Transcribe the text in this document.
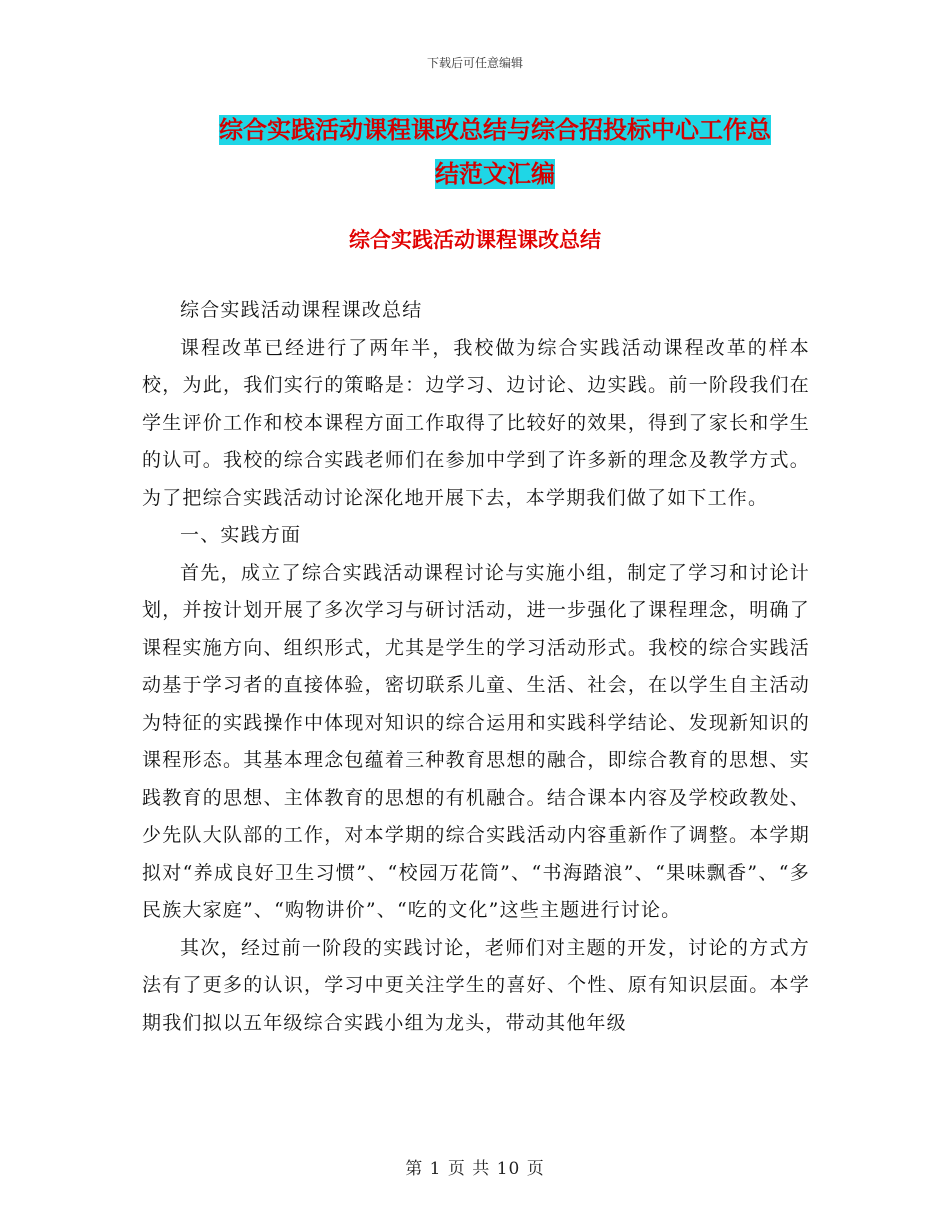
下载后可任意编辑
综合实践活动课程课改总结与综合招投标中心工作总
结范文汇编
综合实践活动课程课改总结

综合实践活动课程课改总结

课程改革已经进行了两年半，我校做为综合实践活动课程改革的样本校，为此，我们实行的策略是：边学习、边讨论、边实践。前一阶段我们在学生评价工作和校本课程方面工作取得了比较好的效果，得到了家长和学生的认可。我校的综合实践老师们在参加中学到了许多新的理念及教学方式。为了把综合实践活动讨论深化地开展下去，本学期我们做了如下工作。

一、实践方面

首先，成立了综合实践活动课程讨论与实施小组，制定了学习和讨论计划，并按计划开展了多次学习与研讨活动，进一步强化了课程理念，明确了课程实施方向、组织形式，尤其是学生的学习活动形式。我校的综合实践活动基于学习者的直接体验，密切联系儿童、生活、社会，在以学生自主活动为特征的实践操作中体现对知识的综合运用和实践科学结论、发现新知识的课程形态。其基本理念包蕴着三种教育思想的融合，即综合教育的思想、实践教育的思想、主体教育的思想的有机融合。结合课本内容及学校政教处、少先队大队部的工作，对本学期的综合实践活动内容重新作了调整。本学期拟对“养成良好卫生习惯”、“校园万花筒”、“书海踏浪”、“果味飘香”、“多民族大家庭”、“购物讲价”、“吃的文化”这些主题进行讨论。

其次，经过前一阶段的实践讨论，老师们对主题的开发，讨论的方式方法有了更多的认识，学习中更关注学生的喜好、个性、原有知识层面。本学期我们拟以五年级综合实践小组为龙头，带动其他年级

第 1 页 共 10 页
